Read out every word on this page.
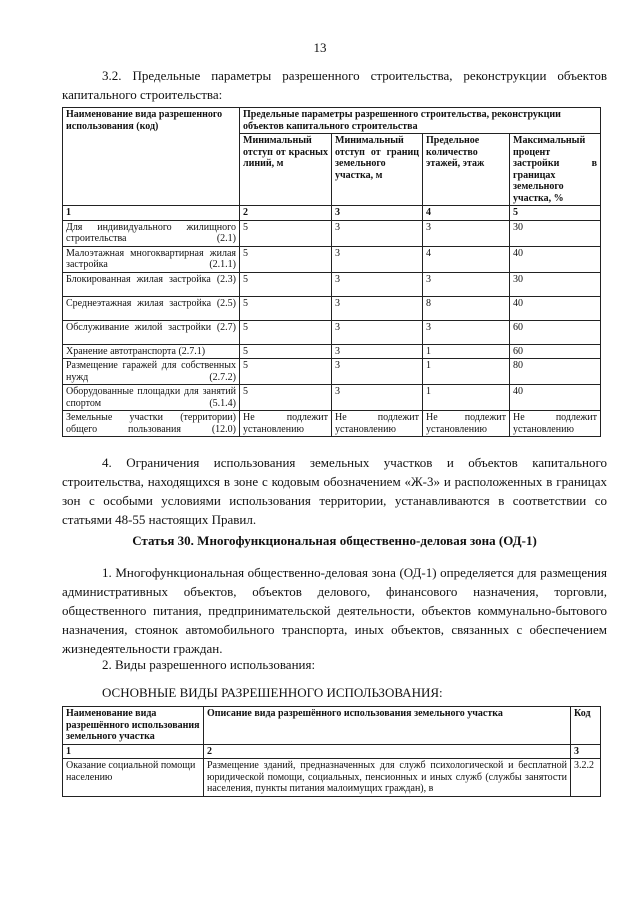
13

3.2. Предельные параметры разрешенного строительства, реконструкции объектов капитального строительства:

Наименование вида разрешенного использования (код)	Предельные параметры разрешенного строительства, реконструкции объектов капитального строительства			
	Минимальный отступ от красных линий, м	Минимальный отступ от границ земельного участка, м	Предельное количество этажей, этаж	Максимальный процент застройки в границах земельного участка, %
1	2	3	4	5
Для индивидуального жилищного строительства (2.1)	5	3	3	30
Малоэтажная многоквартирная жилая застройка (2.1.1)	5	3	4	40
Блокированная жилая застройка (2.3)	5	3	3	30
Среднеэтажная жилая застройка (2.5)	5	3	8	40
Обслуживание жилой застройки (2.7)	5	3	3	60
Хранение автотранспорта (2.7.1)	5	3	1	60
Размещение гаражей для собственных нужд (2.7.2)	5	3	1	80
Оборудованные площадки для занятий спортом (5.1.4)	5	3	1	40
Земельные участки (территории) общего пользования (12.0)	Не подлежит установлению	Не подлежит установлению	Не подлежит установлению	Не подлежит установлению

4. Ограничения использования земельных участков и объектов капитального строительства, находящихся в зоне с кодовым обозначением «Ж-3» и расположенных в границах зон с особыми условиями использования территории, устанавливаются в соответствии со статьями 48-55 настоящих Правил.

Статья 30. Многофункциональная общественно-деловая зона (ОД-1)

1. Многофункциональная общественно-деловая зона (ОД-1) определяется для размещения административных объектов, объектов делового, финансового назначения, торговли, общественного питания, предпринимательской деятельности, объектов коммунально-бытового назначения, стоянок автомобильного транспорта, иных объектов, связанных с обеспечением жизнедеятельности граждан.

2. Виды разрешенного использования:

ОСНОВНЫЕ ВИДЫ РАЗРЕШЕННОГО ИСПОЛЬЗОВАНИЯ:

Наименование вида разрешённого использования земельного участка	Описание вида разрешённого использования земельного участка	Код
1	2	3
Оказание социальной помощи населению	Размещение зданий, предназначенных для служб психологической и бесплатной юридической помощи, социальных, пенсионных и иных служб (службы занятости населения, пункты питания малоимущих граждан), в	3.2.2
